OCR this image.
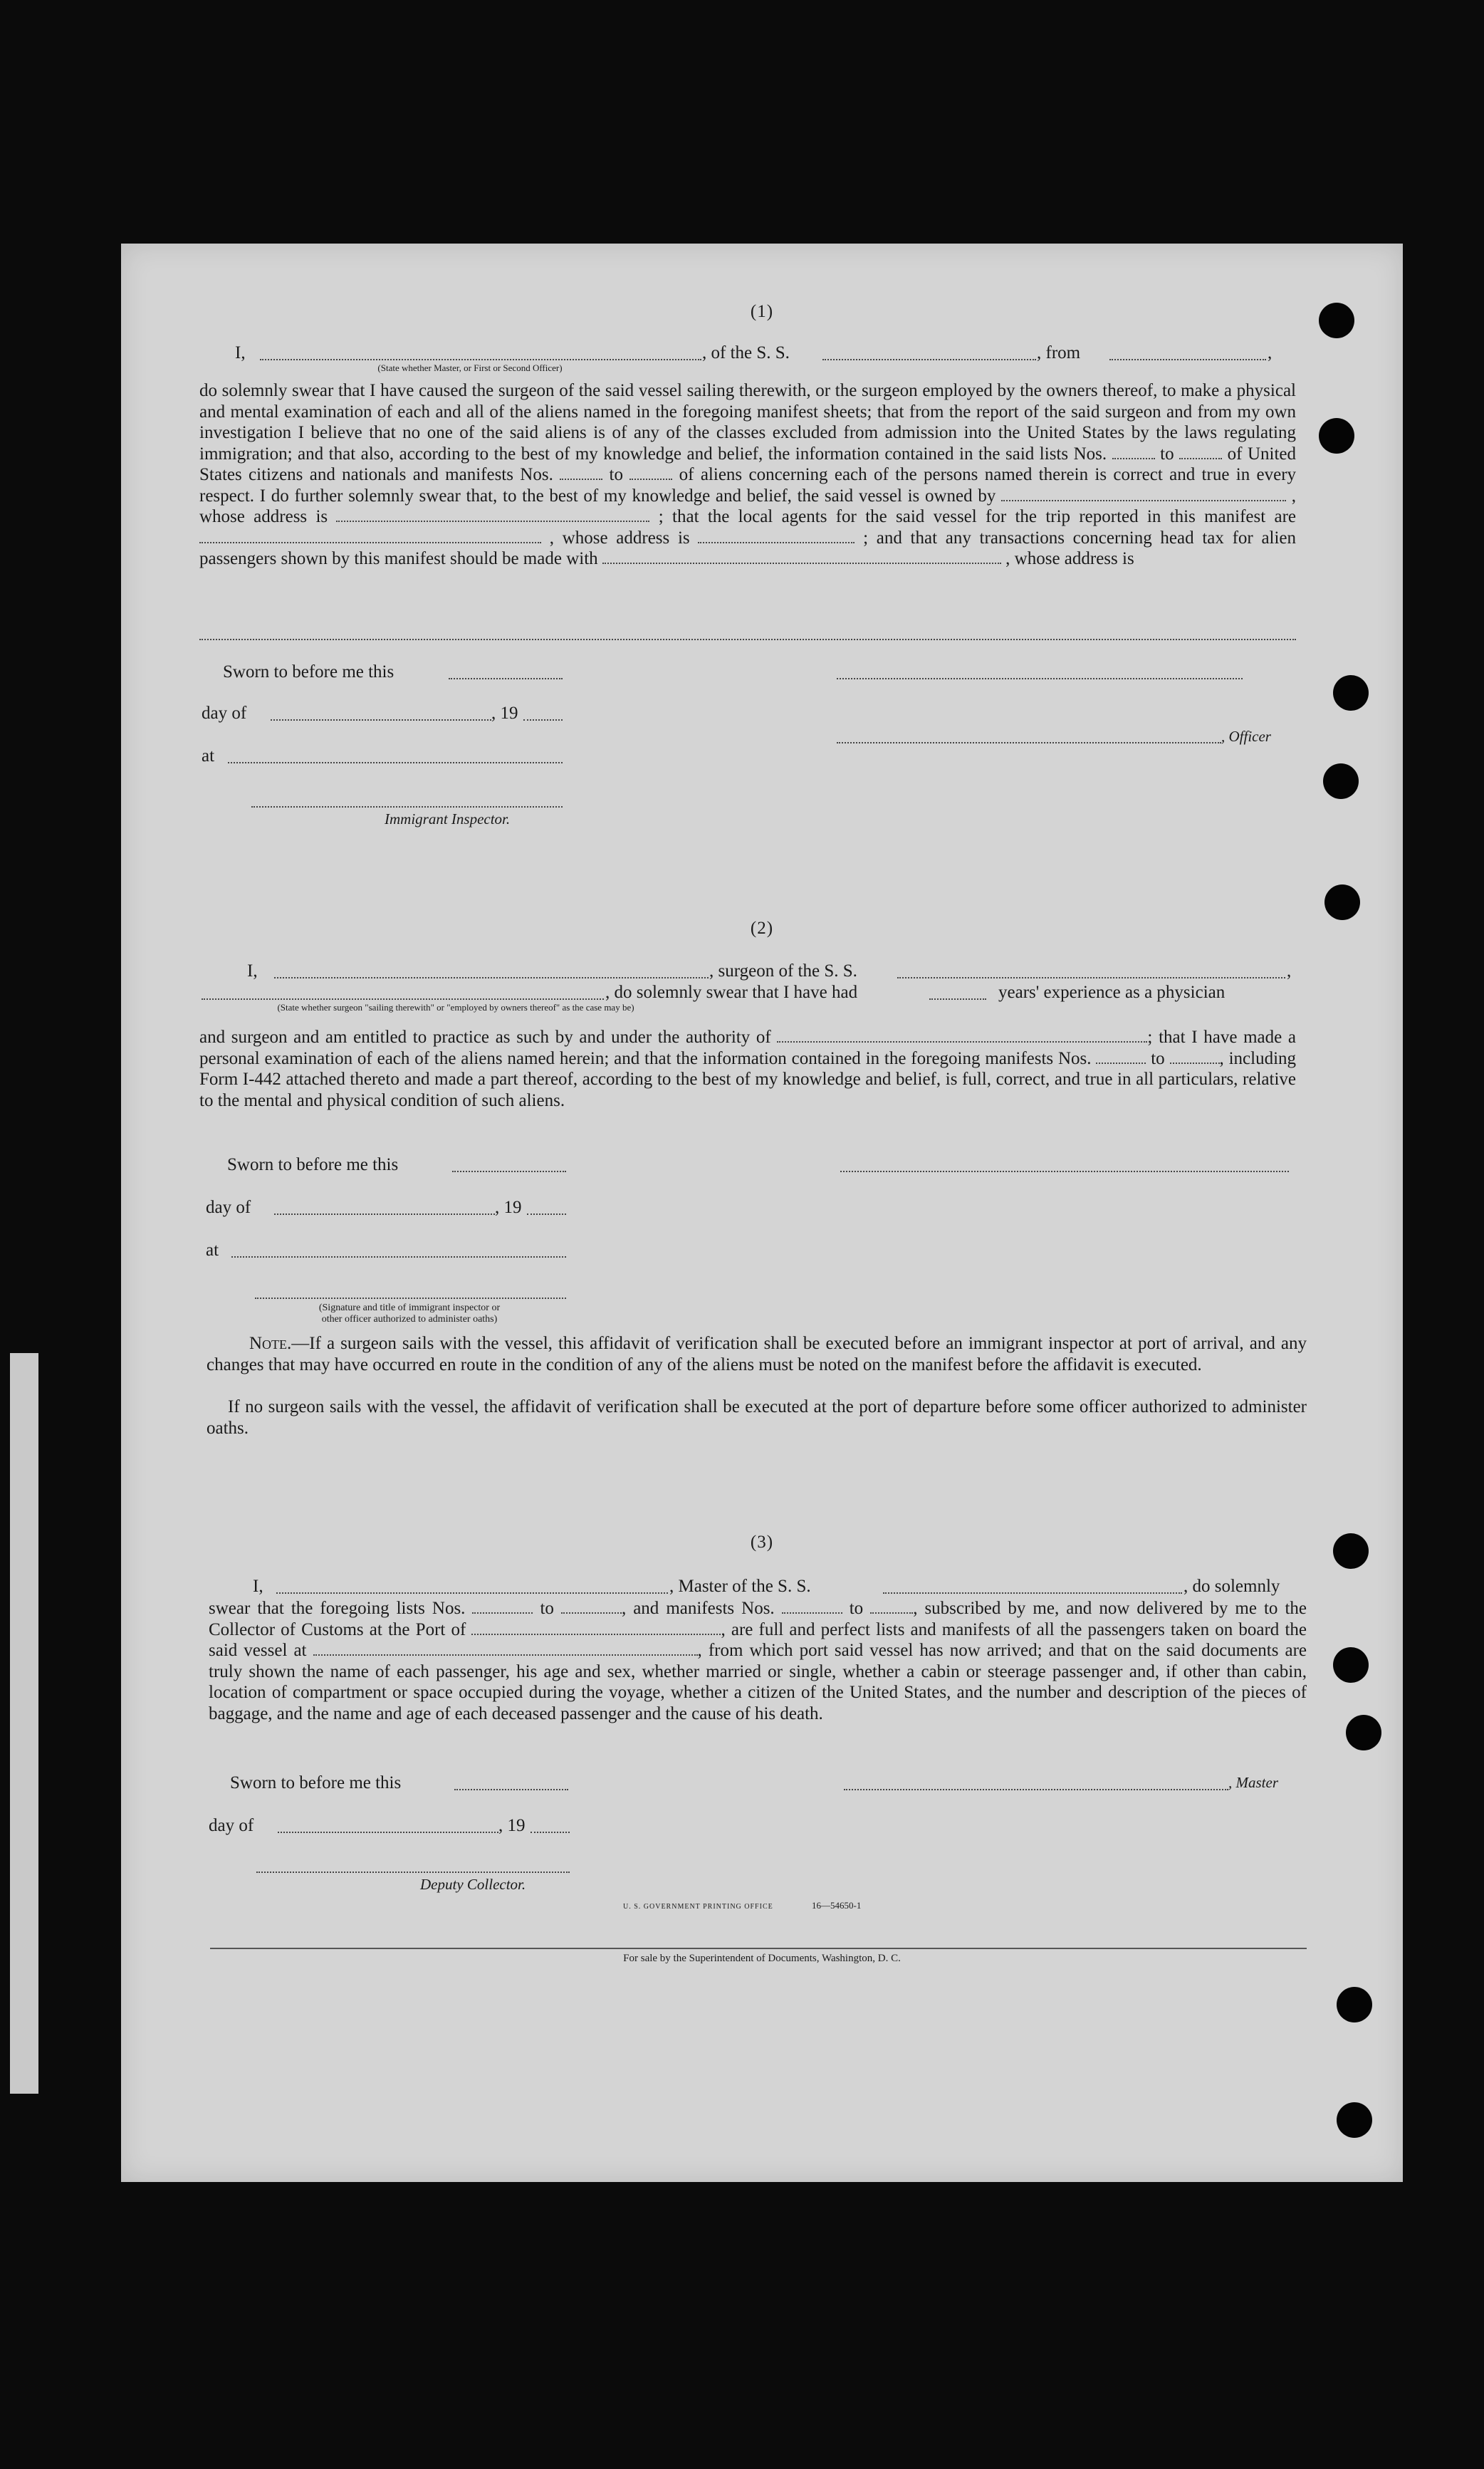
(1)
I,	, of the S. S.	, from	,
(State whether Master, or First or Second Officer)

do solemnly swear that I have caused the surgeon of the said vessel sailing therewith, or the surgeon employed by the owners thereof, to make a physical and mental examination of each and all of the aliens named in the foregoing manifest sheets; that from the report of the said surgeon and from my own investigation I believe that no one of the said aliens is of any of the classes excluded from admission into the United States by the laws regulating immigration; and that also, according to the best of my knowledge and belief, the information contained in the said lists Nos.	to	of United States citizens and nationals and manifests Nos.	to	of aliens concerning each of the persons named therein is correct and true in every respect. I do further solemnly swear that, to the best of my knowledge and belief, the said vessel is owned by	, whose address is	; that the local agents for the said vessel for the trip reported in this manifest are  , whose address is	; and that any transactions concerning head tax for alien passengers shown by this manifest should be made with	, whose address is

Sworn to before me this
day of	, 19
, Officer
at
Immigrant Inspector.
(2)
I,	, surgeon of the S. S.	,
, do solemnly swear that I have had	years' experience as a physician
(State whether surgeon "sailing therewith" or "employed by owners thereof" as the case may be)

and surgeon and am entitled to practice as such by and under the authority of	; that I have made a personal examination of each of the aliens named herein; and that the information contained in the foregoing manifests Nos.	to	, including Form I-442 attached thereto and made a part thereof, according to the best of my knowledge and belief, is full, correct, and true in all particulars, relative to the mental and physical condition of such aliens.

Sworn to before me this
day of	, 19
at
(Signature and title of immigrant inspector or
other officer authorized to administer oaths)

Note.—If a surgeon sails with the vessel, this affidavit of verification shall be executed before an immigrant inspector at port of arrival, and any changes that may have occurred en route in the condition of any of the aliens must be noted on the manifest before the affidavit is executed.

If no surgeon sails with the vessel, the affidavit of verification shall be executed at the port of departure before some officer authorized to administer oaths.

(3)
I,	, Master of the S. S.	, do solemnly

swear that the foregoing lists Nos.	to	, and manifests Nos.	to	, subscribed by me, and now delivered by me to the Collector of Customs at the Port of	, are full and perfect lists and manifests of all the passengers taken on board the said vessel at	, from which port said vessel has now arrived; and that on the said documents are truly shown the name of each passenger, his age and sex, whether married or single, whether a cabin or steerage passenger and, if other than cabin, location of compartment or space occupied during the voyage, whether a citizen of the United States, and the number and description of the pieces of baggage, and the name and age of each deceased passenger and the cause of his death.

Sworn to before me this	, Master
day of	, 19
Deputy Collector.
U. S. GOVERNMENT PRINTING OFFICE	16—54650-1
For sale by the Superintendent of Documents, Washington, D. C.
